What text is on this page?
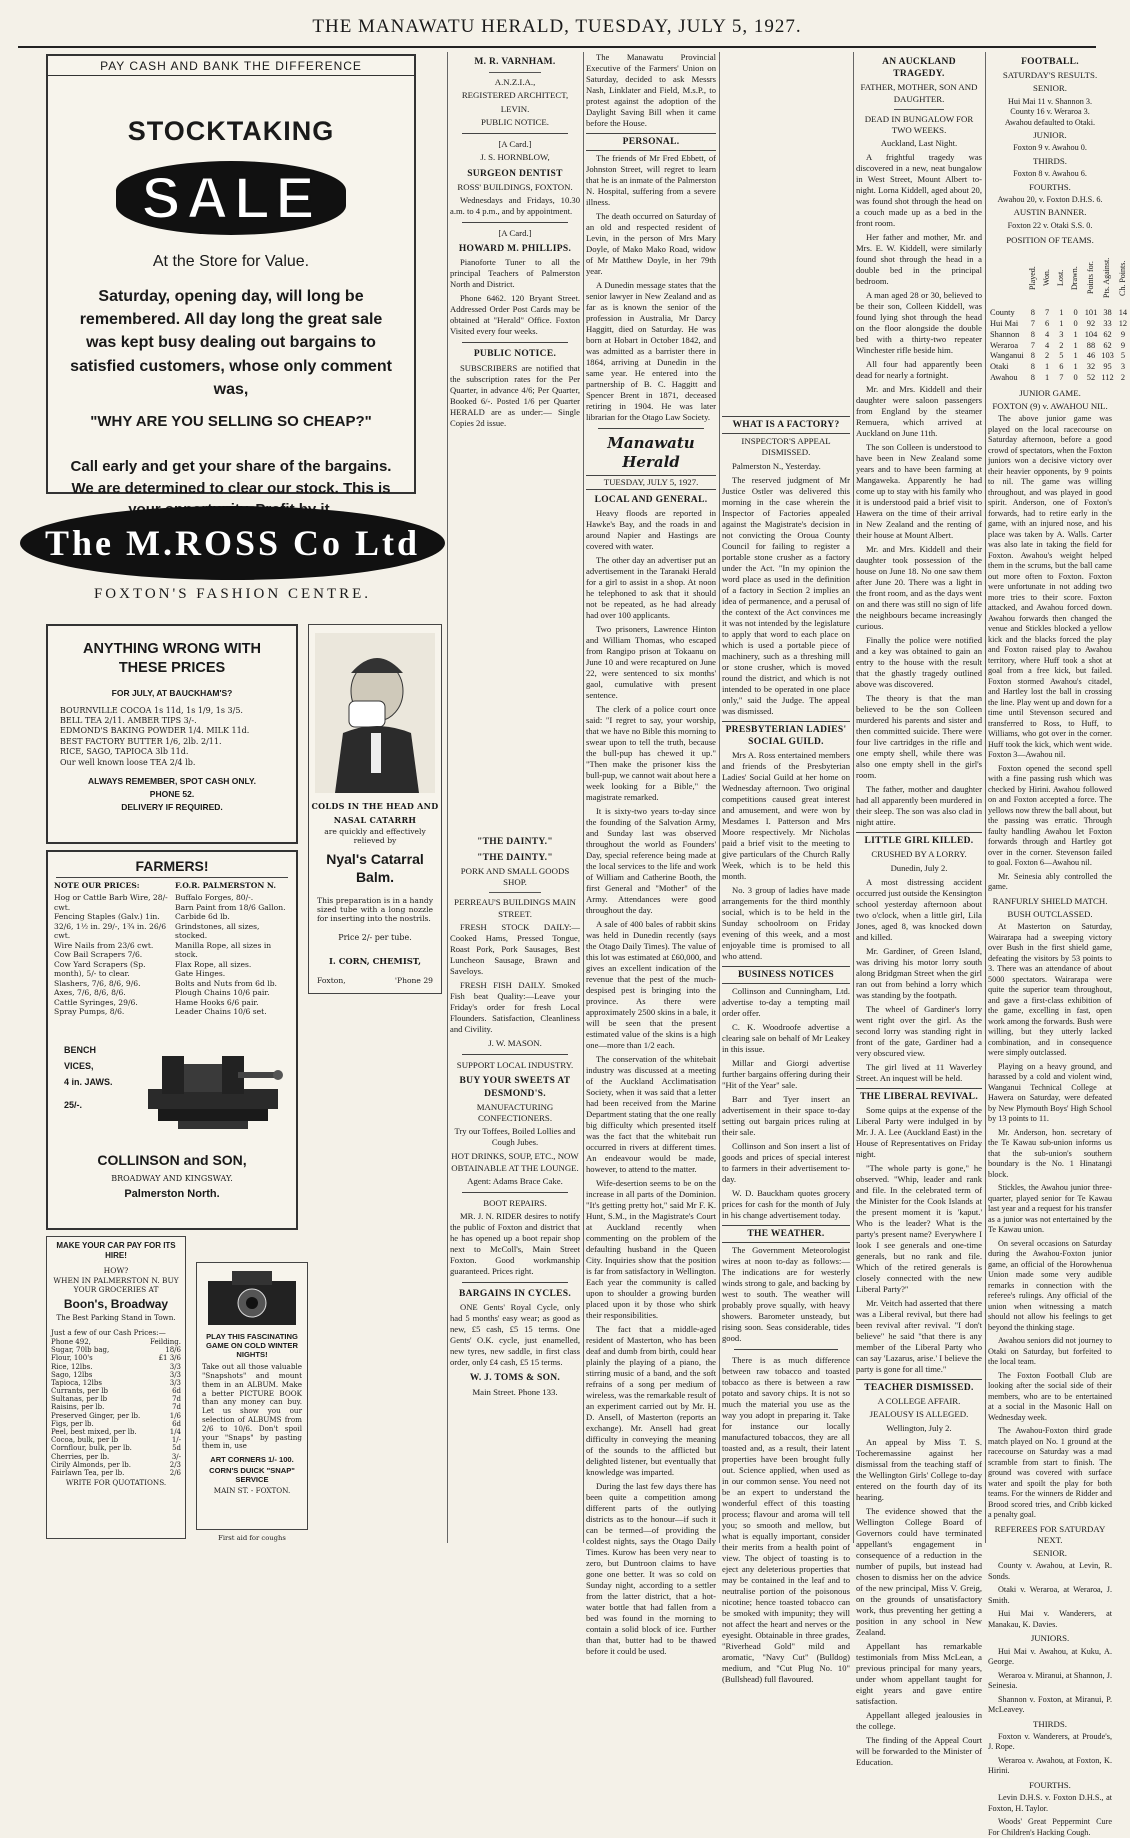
THE MANAWATU HERALD, TUESDAY, JULY 5, 1927.
PAY CASH AND BANK THE DIFFERENCE
STOCKTAKING
SALE
At the Store for Value.
Saturday, opening day, will long be remembered. All day long the great sale was kept busy dealing out bargains to satisfied customers, whose only comment was,
"WHY ARE YOU SELLING SO CHEAP?"
Call early and get your share of the bargains. We are determined to clear our stock. This is
The M.ROSS Co Ltd
FOXTON'S FASHION CENTRE.
ANYTHING WRONG WITH THESE PRICES
FOR JULY, AT BAUCKHAM'S?
BOURNVILLE COCOA 1s 11d, 1s 1/9, 1s 3/5.
BELL TEA 2/11. AMBER TIPS 3/-.
EDMOND'S BAKING POWDER 1/4. MILK 11d.
BEST FACTORY BUTTER 1/6, 2lb. 2/11.
RICE, SAGO, TAPIOCA 3lb 11d.
Our well known loose TEA 2/4 lb.
ALWAYS REMEMBER, SPOT CASH ONLY.
PHONE 52.
DELIVERY IF REQUIRED.
FARMERS!
NOTE OUR PRICES:
Hog or Cattle Barb Wire, 28/- cwt.
Fencing Staples (Galv.) 1in. 32/6, 1½ in. 29/-, 1¾ in. 26/6 cwt.
Wire Nails from 23/6 cwt.
Cow Bail Scrapers 7/6.
Cow Yard Scrapers (Sp. month), 5/- to clear.
Slashers, 7/6, 8/6, 9/6.
Axes, 7/6, 8/6, 8/6.
Cattle Syringes, 29/6.
Spray Pumps, 8/6.
F.O.R. PALMERSTON N.
Buffalo Forges, 80/-.
Barn Paint from 18/6 Gallon.
Carbide 6d lb.
Grindstones, all sizes, stocked.
Manilla Rope, all sizes in stock.
Flax Rope, all sizes.
Gate Hinges.
Bolts and Nuts from 6d lb.
Plough Chains 10/6 pair.
Hame Hooks 6/6 pair.
Leader Chains 10/6 set.
BENCH
VICES,
4 in. JAWS.
25/-.
COLLINSON and SON,
BROADWAY AND KINGSWAY.
Palmerston North.
MAKE YOUR CAR PAY FOR ITS HIRE!
HOW?
WHEN IN PALMERSTON N. BUY YOUR GROCERIES AT
Boon's, Broadway
The Best Parking Stand in Town.
Just a few of our Cash Prices:—
Phone 492,	Feilding.
Sugar, 70lb bag,	18/6
Flour, 100's	£1 3/6
Rice, 12lbs.	3/3
Sago, 12lbs	3/3
Tapioca, 12lbs	3/3
Currants, per lb	6d
Sultanas, per lb	7d
Raisins, per lb.	7d
Preserved Ginger, per lb.	1/6
Figs, per lb.	6d
Peel, best mixed, per lb.	1/4
Cocoa, bulk, per lb	1/-
Cornflour, bulk, per lb.	5d
Cherries, per lb.	3/-
Cirily Almonds, per lb.	2/3
Fairlawn Tea, per lb.	2/6
WRITE FOR QUOTATIONS.
COLDS IN THE HEAD AND
NASAL CATARRH
are quickly and effectively relieved by
Nyal's Catarral Balm.
This preparation is in a handy sized tube with a long nozzle for inserting into the nostrils.
Price 2/- per tube.
I. CORN, CHEMIST,
Foxton,	'Phone 29
PLAY THIS FASCINATING GAME ON COLD WINTER NIGHTS!
Take out all those valuable "Snapshots" and mount them in an ALBUM. Make a better PICTURE BOOK than any money can buy. Let us show you our selection of ALBUMS from 2/6 to 10/6. Don't spoil your "Snaps" by pasting them in, use
ART CORNERS 1/- 100.
CORN'S DUICK "SNAP" SERVICE
MAIN ST. - FOXTON.
First aid for coughs
M. R. VARNHAM.
A.N.Z.I.A.,
REGISTERED ARCHITECT,
LEVIN.
PUBLIC NOTICE.
[A Card.]
J. S. HORNBLOW,
SURGEON DENTIST
ROSS' BUILDINGS, FOXTON.

Wednesdays and Fridays, 10.30 a.m. to 4 p.m., and by appointment.

[A Card.]
HOWARD M. PHILLIPS.

Pianoforte Tuner to all the principal Teachers of Palmerston North and District.

Phone 6462. 120 Bryant Street. Addressed Order Post Cards may be obtained at "Herald" Office. Foxton Visited every four weeks.

PUBLIC NOTICE.

SUBSCRIBERS are notified that the subscription rates for the Per Quarter, in advance 4/6; Per Quarter, Booked 6/-. Posted 1/6 per Quarter HERALD are as under:— Single Copies 2d issue.

"THE DAINTY."
"THE DAINTY."
PORK AND SMALL GOODS SHOP.
PERREAU'S BUILDINGS MAIN STREET.

FRESH STOCK DAILY:—Cooked Hams, Pressed Tongue, Roast Pork, Pork Sausages, Best Luncheon Sausage, Brawn and Saveloys.

FRESH FISH DAILY. Smoked Fish beat Quality:—Leave your Friday's order for fresh Local Flounders. Satisfaction, Cleanliness and Civility.

J. W. MASON.
SUPPORT LOCAL INDUSTRY.
BUY YOUR SWEETS AT DESMOND'S.
MANUFACTURING CONFECTIONERS.

Try our Toffees, Boiled Lollies and Cough Jubes.

HOT DRINKS, SOUP, ETC., NOW OBTAINABLE AT THE LOUNGE.
Agent: Adams Brace Cake.
BOOT REPAIRS.

MR. J. N. RIDER desires to notify the public of Foxton and district that he has opened up a boot repair shop next to McColl's, Main Street Foxton. Good workmanship guaranteed. Prices right.

BARGAINS IN CYCLES.

ONE Gents' Royal Cycle, only had 5 months' easy wear; as good as new, £5 cash, £5 15 terms. One Gents' O.K. cycle, just enamelled, new tyres, new saddle, in first class order, only £4 cash, £5 15 terms.

W. J. TOMS & SON.
Main Street. Phone 133.

The Manawatu Provincial Executive of the Farmers' Union on Saturday, decided to ask Messrs Nash, Linklater and Field, M.s.P., to protest against the adoption of the Daylight Saving Bill when it came before the House.

PERSONAL.

The friends of Mr Fred Ebbett, of Johnston Street, will regret to learn that he is an inmate of the Palmerston N. Hospital, suffering from a severe illness.

The death occurred on Saturday of an old and respected resident of Levin, in the person of Mrs Mary Doyle, of Mako Mako Road, widow of Mr Matthew Doyle, in her 79th year.

A Dunedin message states that the senior lawyer in New Zealand and as far as is known the senior of the profession in Australia, Mr Darcy Haggitt, died on Saturday. He was born at Hobart in October 1842, and was admitted as a barrister there in 1864, arriving at Dunedin in the same year. He entered into the partnership of B. C. Haggitt and Spencer Brent in 1871, deceased retiring in 1904. He was later librarian for the Otago Law Society.

Manawatu Herald
TUESDAY, JULY 5, 1927.
LOCAL AND GENERAL.

Heavy floods are reported in Hawke's Bay, and the roads in and around Napier and Hastings are covered with water.

The other day an advertiser put an advertisement in the Taranaki Herald for a girl to assist in a shop. At noon he telephoned to ask that it should not be repeated, as he had already had over 100 applicants.

Two prisoners, Lawrence Hinton and William Thomas, who escaped from Rangipo prison at Tokaanu on June 10 and were recaptured on June 22, were sentenced to six months' gaol, cumulative with present sentence.

The clerk of a police court once said: "I regret to say, your worship, that we have no Bible this morning to swear upon to tell the truth, because the bull-pup has chewed it up." "Then make the prisoner kiss the bull-pup, we cannot wait about here a week looking for a Bible," the magistrate remarked.

It is sixty-two years to-day since the founding of the Salvation Army, and Sunday last was observed throughout the world as Founders' Day, special reference being made at the local services to the life and work of William and Catherine Booth, the first General and "Mother" of the Army. Attendances were good throughout the day.

A sale of 400 bales of rabbit skins was held in Dunedin recently (says the Otago Daily Times). The value of this lot was estimated at £60,000, and gives an excellent indication of the revenue that the pest of the much-despised pest is bringing into the province. As there were approximately 2500 skins in a bale, it will be seen that the present estimated value of the skins is a high one—more than 1/2 each.

The conservation of the whitebait industry was discussed at a meeting of the Auckland Acclimatisation Society, when it was said that a letter had been received from the Marine Department stating that the one really big difficulty which presented itself was the fact that the whitebait run occurred in rivers at different times. An endeavour would be made, however, to attend to the matter.

Wife-desertion seems to be on the increase in all parts of the Dominion. "It's getting pretty hot," said Mr F. K. Hunt, S.M., in the Magistrate's Court at Auckland recently when commenting on the problem of the defaulting husband in the Queen City. Inquiries show that the position is far from satisfactory in Wellington. Each year the community is called upon to shoulder a growing burden placed upon it by those who shirk their responsibilities.

The fact that a middle-aged resident of Masterton, who has been deaf and dumb from birth, could hear plainly the playing of a piano, the stirring music of a band, and the soft refrains of a song per medium of wireless, was the remarkable result of an experiment carried out by Mr. H. D. Ansell, of Masterton (reports an exchange). Mr. Ansell had great difficulty in conveying the meaning of the sounds to the afflicted but delighted listener, but eventually that knowledge was imparted.

During the last few days there has been quite a competition among different parts of the outlying districts as to the honour—if such it can be termed—of providing the coldest nights, says the Otago Daily Times. Kurow has been very near to zero, but Duntroon claims to have gone one better. It was so cold on Sunday night, according to a settler from the latter district, that a hot-water bottle that had fallen from a bed was found in the morning to contain a solid block of ice. Further than that, butter had to be thawed before it could be used.

WHAT IS A FACTORY?
INSPECTOR'S APPEAL DISMISSED.

Palmerston N., Yesterday.

The reserved judgment of Mr Justice Ostler was delivered this morning in the case wherein the Inspector of Factories appealed against the Magistrate's decision in not convicting the Oroua County Council for failing to register a portable stone crusher as a factory under the Act. "In my opinion the word place as used in the definition of a factory in Section 2 implies an idea of permanence, and a perusal of the context of the Act convinces me it was not intended by the legislature to apply that word to each place on which is used a portable piece of machinery, such as a threshing mill or stone crusher, which is moved round the district, and which is not intended to be operated in one place only," said the Judge. The appeal was dismissed.

PRESBYTERIAN LADIES' SOCIAL GUILD.

Mrs A. Ross entertained members and friends of the Presbyterian Ladies' Social Guild at her home on Wednesday afternoon. Two original competitions caused great interest and amusement, and were won by Mesdames I. Patterson and Mrs Moore respectively. Mr Nicholas paid a brief visit to the meeting to give particulars of the Church Rally Week, which is to be held this month.

No. 3 group of ladies have made arrangements for the third monthly social, which is to be held in the Sunday schoolroom on Friday evening of this week, and a most enjoyable time is promised to all who attend.

BUSINESS NOTICES

Collinson and Cunningham, Ltd. advertise to-day a tempting mail order offer.

C. K. Woodroofe advertise a clearing sale on behalf of Mr Leakey in this issue.

Millar and Giorgi advertise further bargains offering during their "Hit of the Year" sale.

Barr and Tyer insert an advertisement in their space to-day setting out bargain prices ruling at their sale.

Collinson and Son insert a list of goods and prices of special interest to farmers in their advertisement to-day.

W. D. Bauckham quotes grocery prices for cash for the month of July in his change advertisement today.

THE WEATHER.

The Government Meteorologist wires at noon to-day as follows:— The indications are for westerly winds strong to gale, and backing by west to south. The weather will probably prove squally, with heavy showers. Barometer unsteady, but rising soon. Seas considerable, tides good.

There is as much difference between raw tobacco and toasted tobacco as there is between a raw potato and savory chips. It is not so much the material you use as the way you adopt in preparing it. Take for instance our locally manufactured tobaccos, they are all toasted and, as a result, their latent properties have been brought fully out. Science applied, when used as in our common sense. You need not be an expert to understand the wonderful effect of this toasting process; flavour and aroma will tell you; so smooth and mellow, but what is equally important, consider their merits from a health point of view. The object of toasting is to eject any deleterious properties that may be contained in the leaf and to neutralise portion of the poisonous nicotine; hence toasted tobacco can be smoked with impunity; they will not affect the heart and nerves or the eyesight. Obtainable in three grades, "Riverhead Gold" mild and aromatic, "Navy Cut" (Bulldog) medium, and "Cut Plug No. 10" (Bullshead) full flavoured.

AN AUCKLAND TRAGEDY.
FATHER, MOTHER, SON AND DAUGHTER.
DEAD IN BUNGALOW FOR TWO WEEKS.

Auckland, Last Night.

A frightful tragedy was discovered in a new, neat bungalow in West Street, Mount Albert to-night. Lorna Kiddell, aged about 20, was found shot through the head on a couch made up as a bed in the front room.

Her father and mother, Mr. and Mrs. E. W. Kiddell, were similarly found shot through the head in a double bed in the principal bedroom.

A man aged 28 or 30, believed to be their son, Colleen Kiddell, was found lying shot through the head on the floor alongside the double bed with a thirty-two repeater Winchester rifle beside him.

All four had apparently been dead for nearly a fortnight.

Mr. and Mrs. Kiddell and their daughter were saloon passengers from England by the steamer Remuera, which arrived at Auckland on June 11th.

The son Colleen is understood to have been in New Zealand some years and to have been farming at Mangaweka. Apparently he had come up to stay with his family who it is understood paid a brief visit to Hawera on the time of their arrival in New Zealand and the renting of their house at Mount Albert.

Mr. and Mrs. Kiddell and their daughter took possession of the house on June 18. No one saw them after June 20. There was a light in the front room, and as the days went on and there was still no sign of life the neighbours became increasingly curious.

Finally the police were notified and a key was obtained to gain an entry to the house with the result that the ghastly tragedy outlined above was discovered.

The theory is that the man believed to be the son Colleen murdered his parents and sister and then committed suicide. There were four live cartridges in the rifle and one empty shell, while there was also one empty shell in the girl's room.

The father, mother and daughter had all apparently been murdered in their sleep. The son was also clad in night attire.

LITTLE GIRL KILLED.
CRUSHED BY A LORRY.

Dunedin, July 2.

A most distressing accident occurred just outside the Kensington school yesterday afternoon about two o'clock, when a little girl, Lila Jones, aged 8, was knocked down and killed.

Mr. Gardiner, of Green Island, was driving his motor lorry south along Bridgman Street when the girl ran out from behind a lorry which was standing by the footpath.

The wheel of Gardiner's lorry went right over the girl. As the second lorry was standing right in front of the gate, Gardiner had a very obscured view.

The girl lived at 11 Waverley Street. An inquest will be held.

THE LIBERAL REVIVAL.

Some quips at the expense of the Liberal Party were indulged in by Mr. J. A. Lee (Auckland East) in the House of Representatives on Friday night.

"The whole party is gone," he observed. "Whip, leader and rank and file. In the celebrated term of the Minister for the Cook Islands at the present moment it is 'kaput.' Who is the leader? What is the party's present name? Everywhere I look I see generals and one-time generals, but no rank and file. Which of the retired generals is closely connected with the new Liberal Party?"

Mr. Veitch had asserted that there was a Liberal revival, but there had been revival after revival. "I don't believe" he said "that there is any member of the Liberal Party who can say 'Lazarus, arise.' I believe the party is gone for all time."

TEACHER DISMISSED.
A COLLEGE AFFAIR.
JEALOUSY IS ALLEGED.

Wellington, July 2.

An appeal by Miss T. S. Tocheremassine against her dismissal from the teaching staff of the Wellington Girls' College to-day entered on the fourth day of its hearing.

The evidence showed that the Wellington College Board of Governors could have terminated appellant's engagement in consequence of a reduction in the number of pupils, but instead had chosen to dismiss her on the advice of the new principal, Miss V. Greig, on the grounds of unsatisfactory work, thus preventing her getting a position in any school in New Zealand.

Appellant has remarkable testimonials from Miss McLean, a previous principal for many years, under whom appellant taught for eight years and gave entire satisfaction.

Appellant alleged jealousies in the college.

The finding of the Appeal Court will be forwarded to the Minister of Education.

FOOTBALL.
SATURDAY'S RESULTS.
SENIOR.
Hui Mai 11 v. Shannon 3.
County 16 v. Weraroa 3.
Awahou defaulted to Otaki.
JUNIOR.
Foxton 9 v. Awahou 0.
THIRDS.
Foxton 8 v. Awahou 6.
FOURTHS.
Awahou 20, v. Foxton D.H.S. 6.
AUSTIN BANNER.
Foxton 22 v. Otaki S.S. 0.
POSITION OF TEAMS.
	Played.	Won.	Lost.	Drawn.	Points for.	Pts. Against.	Ch. Points.
County	8	7	1	0	101	38	14
Hui Mai	7	6	1	0	92	33	12
Shannon	8	4	3	1	104	62	9
Weraroa	7	4	2	1	88	62	9
Wanganui	8	2	5	1	46	103	5
Otaki	8	1	6	1	32	95	3
Awahou	8	1	7	0	52	112	2
JUNIOR GAME.
FOXTON (9) v. AWAHOU NIL.

The above junior game was played on the local racecourse on Saturday afternoon, before a good crowd of spectators, when the Foxton juniors won a decisive victory over their heavier opponents, by 9 points to nil. The game was willing throughout, and was played in good spirit. Anderson, one of Foxton's forwards, had to retire early in the game, with an injured nose, and his place was taken by A. Walls. Carter was also late in taking the field for Foxton. Awahou's weight helped them in the scrums, but the ball came out more often to Foxton. Foxton were unfortunate in not adding two more tries to their score. Foxton attacked, and Awahou forced down. Awahou forwards then changed the venue and Stickles blocked a yellow kick and the blacks forced the play and Foxton raised play to Awahou territory, where Huff took a shot at goal from a free kick, but failed. Foxton stormed Awahou's citadel, and Hartley lost the ball in crossing the line. Play went up and down for a time until Stevenson secured and transferred to Ross, to Huff, to Williams, who got over in the corner. Huff took the kick, which went wide. Foxton 3—Awahou nil.

Foxton opened the second spell with a fine passing rush which was checked by Hirini. Awahou followed on and Foxton accepted a force. The yellows now threw the ball about, but the passing was erratic. Through faulty handling Awahou let Foxton forwards through and Hartley got over in the corner. Stevenson failed to goal. Foxton 6—Awahou nil.

Mr. Seinesia ably controlled the game.

RANFURLY SHIELD MATCH.
BUSH OUTCLASSED.

At Masterton on Saturday, Wairarapa had a sweeping victory over Bush in the first shield game, defeating the visitors by 53 points to 3. There was an attendance of about 5000 spectators. Wairarapa were quite the superior team throughout, and gave a first-class exhibition of the game, excelling in fast, open work among the forwards. Bush were willing, but they utterly lacked combination, and in consequence were simply outclassed.

Playing on a heavy ground, and harassed by a cold and violent wind, Wanganui Technical College at Hawera on Saturday, were defeated by New Plymouth Boys' High School by 13 points to 11.

Mr. Anderson, hon. secretary of the Te Kawau sub-union informs us that the sub-union's southern boundary is the No. 1 Hinatangi block.

Stickles, the Awahou junior three-quarter, played senior for Te Kawau last year and a request for his transfer as a junior was not entertained by the Te Kawau union.

On several occasions on Saturday during the Awahou-Foxton junior game, an official of the Horowhenua Union made some very audible remarks in connection with the referee's rulings. Any official of the union when witnessing a match should not allow his feelings to get beyond the thinking stage.

Awahou seniors did not journey to Otaki on Saturday, but forfeited to the local team.

The Foxton Football Club are looking after the social side of their members, who are to be entertained at a social in the Masonic Hall on Wednesday week.

The Awahou-Foxton third grade match played on No. 1 ground at the racecourse on Saturday was a mad scramble from start to finish. The ground was covered with surface water and spoilt the play for both teams. For the winners de Ridder and Brood scored tries, and Cribb kicked a penalty goal.

REFEREES FOR SATURDAY NEXT.
SENIOR.

County v. Awahou, at Levin, R. Sonds.

Otaki v. Weraroa, at Weraroa, J. Smith.

Hui Mai v. Wanderers, at Manakau, K. Davies.

JUNIORS.

Hui Mai v. Awahou, at Kuku, A. George.

Weraroa v. Miranui, at Shannon, J. Seinesia.

Shannon v. Foxton, at Miranui, P. McLeavey.

THIRDS.

Foxton v. Wanderers, at Proude's, J. Rope.

Weraroa v. Awahou, at Foxton, K. Hirini.

FOURTHS.

Levin D.H.S. v. Foxton D.H.S., at Foxton, H. Taylor.

Woods' Great Peppermint Cure For Children's Hacking Cough.
